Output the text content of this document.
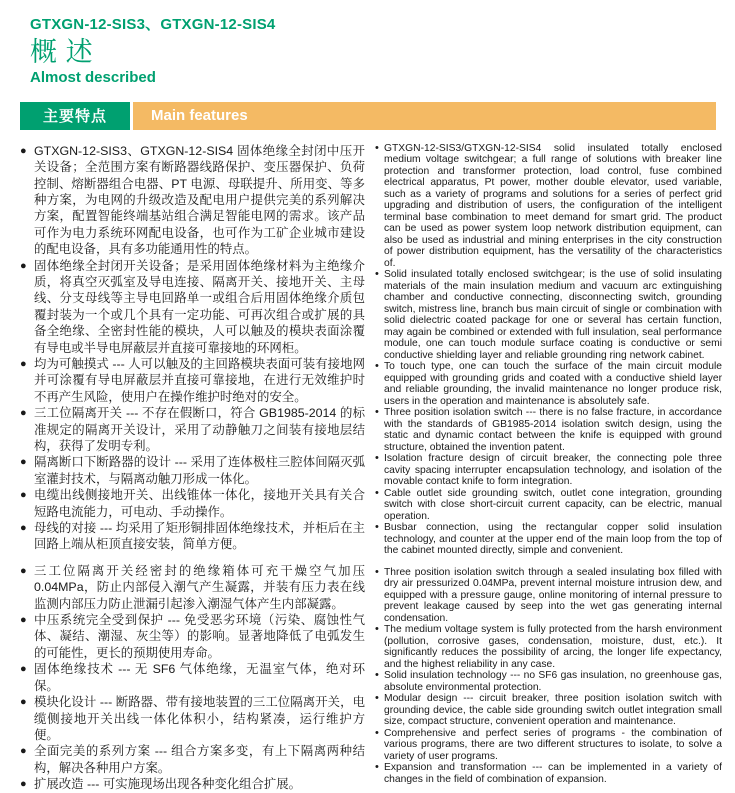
GTXGN-12-SIS3、GTXGN-12-SIS4
概 述
Almost described
主要特点	Main features
● GTXGN-12-SIS3、GTXGN-12-SIS4 固体绝缘全封闭中压开关设备；全范围方案有断路器线路保护、变压器保护、负荷控制、熔断器组合电器、PT 电源、母联提升、所用变、等多种方案，为电网的升级改造及配电用户提供完美的系列解决方案，配置智能终端基站组合满足智能电网的需求。该产品可作为电力系统环网配电设备，也可作为工矿企业城市建设的配电设备，具有多功能通用性的特点。
● 固体绝缘全封闭开关设备；是采用固体绝缘材料为主绝缘介质，将真空灭弧室及导电连接、隔离开关、接地开关、主母线、分支母线等主导电回路单一或组合后用固体绝缘介质包覆封装为一个或几个具有一定功能、可再次组合或扩展的具备全绝缘、全密封性能的模块，人可以触及的模块表面涂覆有导电或半导电屏蔽层并直接可靠接地的环网柜。
● 均为可触摸式 --- 人可以触及的主回路模块表面可装有接地网并可涂覆有导电屏蔽层并直接可靠接地，在进行无效维护时不再产生风险，使用户在操作维护时绝对的安全。
● 三工位隔离开关 --- 不存在假断口，符合 GB1985-2014 的标准规定的隔离开关设计，采用了动静触刀之间装有接地层结构，获得了发明专利。
● 隔离断口下断路器的设计 --- 采用了连体极柱三腔体间隔灭弧室灌封技术，与隔离动触刀形成一体化。
● 电缆出线侧接地开关、出线锥体一体化，接地开关具有关合短路电流能力，可电动、手动操作。
● 母线的对接 --- 均采用了矩形铜排固体绝缘技术，并柜后在主回路上端从柜顶直接安装，简单方便。
● 三工位隔离开关经密封的绝缘箱体可充干燥空气加压 0.04MPa，防止内部侵入潮气产生凝露，并装有压力表在线监测内部压力防止泄漏引起渗入潮湿气体产生内部凝露。
● 中压系统完全受到保护 --- 免受恶劣环境（污染、腐蚀性气体、凝结、潮湿、灰尘等）的影响。显著地降低了电弧发生的可能性，更长的预期使用寿命。
● 固体绝缘技术 --- 无 SF6 气体绝缘，无温室气体，绝对环保。
● 模块化设计 --- 断路器、带有接地装置的三工位隔离开关，电缆侧接地开关出线一体化体积小，结构紧凑，运行维护方便。
● 全面完美的系列方案 --- 组合方案多变，有上下隔离两种结构，解决各种用户方案。
● 扩展改造 --- 可实施现场出现各种变化组合扩展。
• GTXGN-12-SIS3/GTXGN-12-SIS4 solid insulated totally enclosed medium voltage switchgear; a full range of solutions with breaker line protection and transformer protection, load control, fuse combined electrical apparatus, Pt power, mother double elevator, used variable, such as a variety of programs and solutions for a series of perfect grid upgrading and distribution of users, the configuration of the intelligent terminal base combination to meet demand for smart grid. The product can be used as power system loop network distribution equipment, can also be used as industrial and mining enterprises in the city construction of power distribution equipment, has the versatility of the characteristics of.
• Solid insulated totally enclosed switchgear; is the use of solid insulating materials of the main insulation medium and vacuum arc extinguishing chamber and conductive connecting, disconnecting switch, grounding switch, mistress line, branch bus main circuit of single or combination with solid dielectric coated package for one or several has certain function, may again be combined or extended with full insulation, seal performance module, one can touch module surface coating is conductive or semi conductive shielding layer and reliable grounding ring network cabinet.
• To touch type, one can touch the surface of the main circuit module equipped with grounding grids and coated with a conductive shield layer and reliable grounding, the invalid maintenance no longer produce risk, users in the operation and maintenance is absolutely safe.
• Three position isolation switch --- there is no false fracture, in accordance with the standards of GB1985-2014 isolation switch design, using the static and dynamic contact between the knife is equipped with ground structure, obtained the invention patent.
• Isolation fracture design of circuit breaker, the connecting pole three cavity spacing interrupter encapsulation technology, and isolation of the movable contact knife to form integration.
• Cable outlet side grounding switch, outlet cone integration, grounding switch with close short-circuit current capacity, can be electric, manual operation.
• Busbar connection, using the rectangular copper solid insulation technology, and counter at the upper end of the main loop from the top of the cabinet mounted directly, simple and convenient.
• Three position isolation switch through a sealed insulating box filled with dry air pressurized 0.04MPa, prevent internal moisture intrusion dew, and equipped with a pressure gauge, online monitoring of internal pressure to prevent leakage caused by seep into the wet gas generating internal condensation.
• The medium voltage system is fully protected from the harsh environment (pollution, corrosive gases, condensation, moisture, dust, etc.). It significantly reduces the possibility of arcing, the longer life expectancy, and the highest reliability in any case.
• Solid insulation technology --- no SF6 gas insulation, no greenhouse gas, absolute environmental protection.
• Modular design --- circuit breaker, three position isolation switch with grounding device, the cable side grounding switch outlet integration small size, compact structure, convenient operation and maintenance.
• Comprehensive and perfect series of programs - the combination of various programs, there are two different structures to isolate, to solve a variety of user programs.
• Expansion and transformation --- can be implemented in a variety of changes in the field of combination of expansion.
